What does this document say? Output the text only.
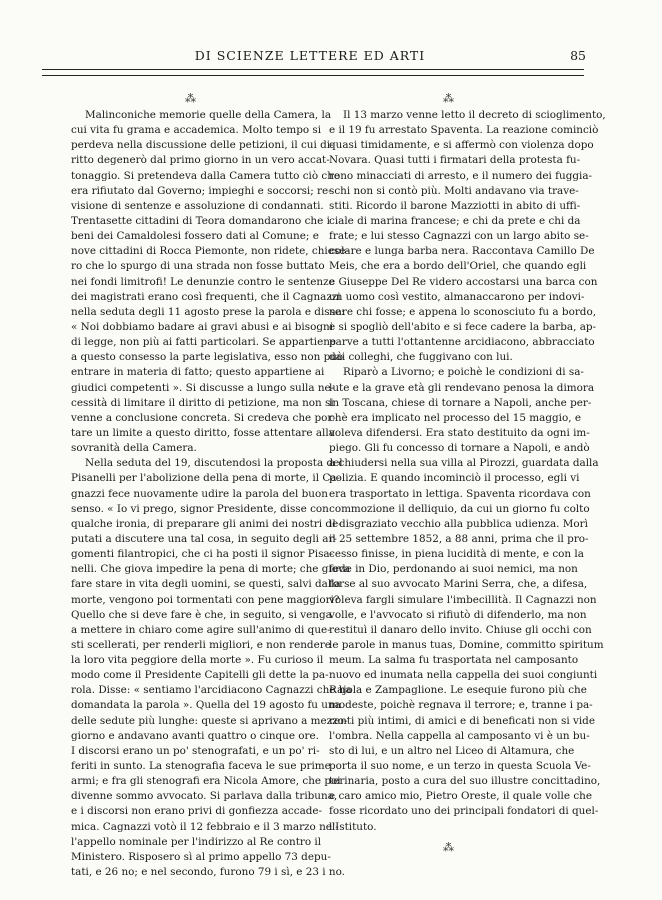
DI SCIENZE LETTERE ED ARTI	85
⁂
Malinconiche memorie quelle della Camera, la
cui vita fu grama e accademica. Molto tempo si
perdeva nella discussione delle petizioni, il cui di-
ritto degenerò dal primo giorno in un vero accat-
tonaggio. Si pretendeva dalla Camera tutto ciò che
era rifiutato dal Governo; impieghi e soccorsi; re-
visione di sentenze e assoluzione di condannati.
Trentasette cittadini di Teora domandarono che i
beni dei Camaldolesi fossero dati al Comune; e
nove cittadini di Rocca Piemonte, non ridete, chiese-
ro che lo spurgo di una strada non fosse buttato
nei fondi limitrofi! Le denunzie contro le sentenze
dei magistrati erano così frequenti, che il Cagnazzi
nella seduta degli 11 agosto prese la parola e disse:
« Noi dobbiamo badare ai gravi abusi e ai bisogni
di legge, non più ai fatti particolari. Se appartiene
a questo consesso la parte legislativa, esso non può
entrare in materia di fatto; questo appartiene ai
giudici competenti ». Si discusse a lungo sulla ne-
cessità di limitare il diritto di petizione, ma non si
venne a conclusione concreta. Si credeva che por-
tare un limite a questo diritto, fosse attentare alla
sovranità della Camera.
Nella seduta del 19, discutendosi la proposta del
Pisanelli per l'abolizione della pena di morte, il Ca-
gnazzi fece nuovamente udire la parola del buon
senso. « Io vi prego, signor Presidente, disse con
qualche ironia, di preparare gli animi dei nostri de-
putati a discutere una tal cosa, in seguito degli ar-
gomenti filantropici, che ci ha posti il signor Pisa-
nelli. Che giova impedire la pena di morte; che giova
fare stare in vita degli uomini, se questi, salvi dalla
morte, vengono poi tormentati con pene maggiori?
Quello che si deve fare è che, in seguito, si venga
a mettere in chiaro come agire sull'animo di que-
sti scellerati, per renderli migliori, e non rendere
la loro vita peggiore della morte ». Fu curioso il
modo come il Presidente Capitelli gli dette la pa-
rola. Disse: « sentiamo l'arcidiacono Cagnazzi che ha
domandata la parola ». Quella del 19 agosto fu una
delle sedute più lunghe: queste si aprivano a mezzo-
giorno e andavano avanti quattro o cinque ore.
I discorsi erano un po' stenografati, e un po' ri-
feriti in sunto. La stenografia faceva le sue prime
armi; e fra gli stenografi era Nicola Amore, che poi
divenne sommo avvocato. Si parlava dalla tribuna,
e i discorsi non erano privi di gonfiezza accade-
mica. Cagnazzi votò il 12 febbraio e il 3 marzo nel-
l'appello nominale per l'indirizzo al Re contro il
Ministero. Risposero sì al primo appello 73 depu-
tati, e 26 no; e nel secondo, furono 79 i sì, e 23 i no.
⁂
Il 13 marzo venne letto il decreto di scioglimento,
e il 19 fu arrestato Spaventa. La reazione cominciò
quasi timidamente, e si affermò con violenza dopo
Novara. Quasi tutti i firmatari della protesta fu-
rono minacciati di arresto, e il numero dei fuggia-
schi non si contò più. Molti andavano via trave-
stiti. Ricordo il barone Mazziotti in abito di uffi-
ciale di marina francese; e chi da prete e chi da
frate; e lui stesso Cagnazzi con un largo abito se-
colare e lunga barba nera. Raccontava Camillo De
Meis, che era a bordo dell'Oriel, che quando egli
e Giuseppe Del Re videro accostarsi una barca con
un uomo così vestito, almanaccarono per indovi-
nare chi fosse; e appena lo sconosciuto fu a bordo,
e si spogliò dell'abito e si fece cadere la barba, ap-
parve a tutti l'ottantenne arcidiacono, abbracciato
dai colleghi, che fuggivano con lui.
Riparò a Livorno; e poichè le condizioni di sa-
lute e la grave età gli rendevano penosa la dimora
in Toscana, chiese di tornare a Napoli, anche per-
chè era implicato nel processo del 15 maggio, e
voleva difendersi. Era stato destituito da ogni im-
piego. Gli fu concesso di tornare a Napoli, e andò
a chiudersi nella sua villa al Pirozzi, guardata dalla
polizia. E quando incominciò il processo, egli vi
era trasportato in lettiga. Spaventa ricordava con
commozione il delliquio, da cui un giorno fu colto
il disgraziato vecchio alla pubblica udienza. Morì
il 25 settembre 1852, a 88 anni, prima che il pro-
cesso finisse, in piena lucidità di mente, e con la
fede in Dio, perdonando ai suoi nemici, ma non
forse al suo avvocato Marini Serra, che, a difesa,
voleva fargli simulare l'imbecillità. Il Cagnazzi non
volle, e l'avvocato si rifiutò di difenderlo, ma non
restituì il danaro dello invito. Chiuse gli occhi con
le parole in manus tuas, Domine, committo spiritum
meum. La salma fu trasportata nel camposanto
nuovo ed inumata nella cappella dei suoi congiunti
Rajola e Zampaglione. Le esequie furono più che
modeste, poichè regnava il terrore; e, tranne i pa-
renti più intimi, di amici e di beneficati non si vide
l'ombra. Nella cappella al camposanto vi è un bu-
sto di lui, e un altro nel Liceo di Altamura, che
porta il suo nome, e un terzo in questa Scuola Ve-
terinaria, posto a cura del suo illustre concittadino,
e caro amico mio, Pietro Oreste, il quale volle che
fosse ricordato uno dei principali fondatori di quel-
l'Istituto.
⁂
